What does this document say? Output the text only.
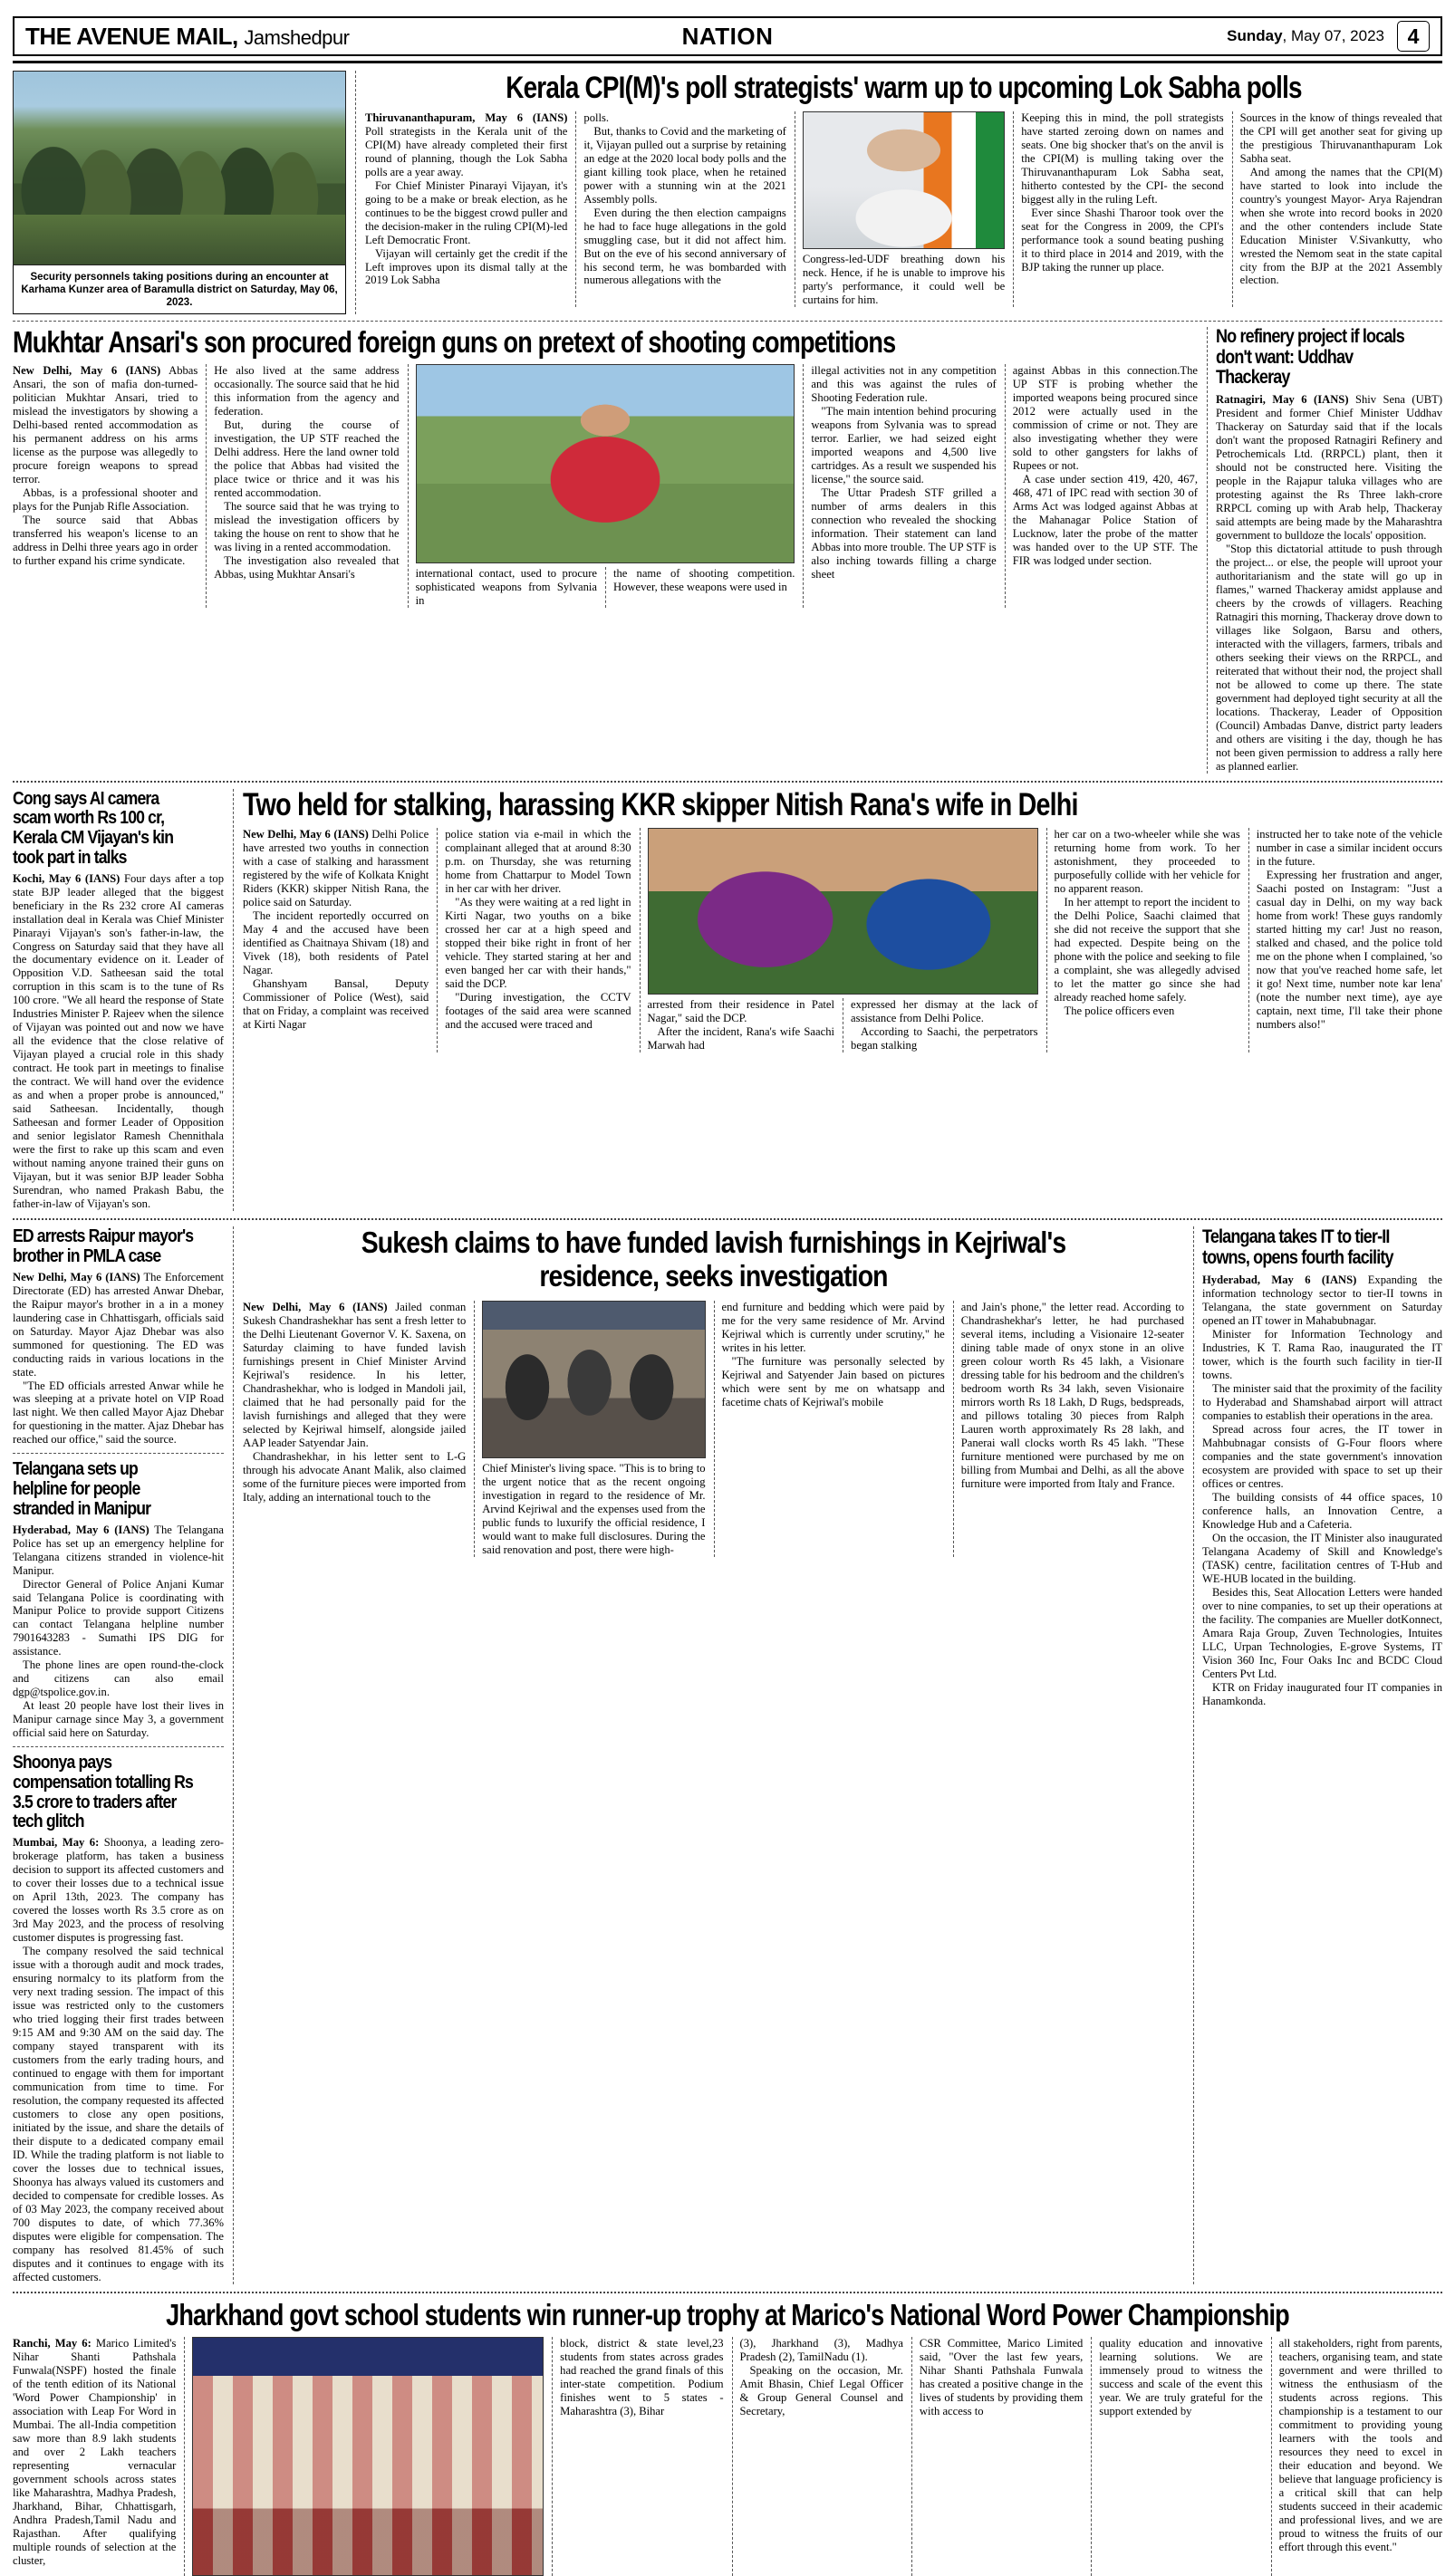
THE AVENUE MAIL, Jamshedpur	NATION	Sunday, May 07, 2023	4
Security personnels taking positions during an encounter at Karhama Kunzer area of Baramulla district on Saturday, May 06, 2023.
Kerala CPI(M)'s poll strategists' warm up to upcoming Lok Sabha polls

Thiruvananthapuram, May 6 (IANS) Poll strategists in the Kerala unit of the CPI(M) have already completed their first round of planning, though the Lok Sabha polls are a year away.

For Chief Minister Pinarayi Vijayan, it's going to be a make or break election, as he continues to be the biggest crowd puller and the decision-maker in the ruling CPI(M)-led Left Democratic Front.

Vijayan will certainly get the credit if the Left improves upon its dismal tally at the 2019 Lok Sabha

polls.

But, thanks to Covid and the marketing of it, Vijayan pulled out a surprise by retaining an edge at the 2020 local body polls and the giant killing took place, when he retained power with a stunning win at the 2021 Assembly polls.

Even during the then election campaigns he had to face huge allegations in the gold smuggling case, but it did not affect him. But on the eve of his second anniversary of his second term, he was bombarded with numerous allegations with the

Congress-led-UDF breathing down his neck. Hence, if he is unable to improve his party's performance, it could well be curtains for him.

Keeping this in mind, the poll strategists have started zeroing down on names and seats. One big shocker that's on the anvil is the CPI(M) is mulling taking over the Thiruvananthapuram Lok Sabha seat, hitherto contested by the CPI- the second biggest ally in the ruling Left.

Ever since Shashi Tharoor took over the seat for the Congress in 2009, the CPI's performance took a sound beating pushing it to third place in 2014 and 2019, with the BJP taking the runner up place.

Sources in the know of things revealed that the CPI will get another seat for giving up the prestigious Thiruvananthapuram Lok Sabha seat.

And among the names that the CPI(M) have started to look into include the country's youngest Mayor- Arya Rajendran when she wrote into record books in 2020 and the other contenders include State Education Minister V.Sivankutty, who wrested the Nemom seat in the state capital city from the BJP at the 2021 Assembly election.

Mukhtar Ansari's son procured foreign guns on pretext of shooting competitions

New Delhi, May 6 (IANS) Abbas Ansari, the son of mafia don-turned-politician Mukhtar Ansari, tried to mislead the investigators by showing a Delhi-based rented accommodation as his permanent address on his arms license as the purpose was allegedly to procure foreign weapons to spread terror.

Abbas, is a professional shooter and plays for the Punjab Rifle Association.

The source said that Abbas transferred his weapon's license to an address in Delhi three years ago in order to further expand his crime syndicate.

He also lived at the same address occasionally. The source said that he hid this information from the agency and federation.

But, during the course of investigation, the UP STF reached the Delhi address. Here the land owner told the police that Abbas had visited the place twice or thrice and it was his rented accommodation.

The source said that he was trying to mislead the investigation officers by taking the house on rent to show that he was living in a rented accommodation.

The investigation also revealed that Abbas, using Mukhtar Ansari's	international contact, used to procure sophisticated weapons from Sylvania in

the name of shooting competition. However, these weapons were used in

illegal activities not in any competition and this was against the rules of Shooting Federation rule.

"The main intention behind procuring weapons from Sylvania was to spread terror. Earlier, we had seized eight imported weapons and 4,500 live cartridges. As a result we suspended his license," the source said.

The Uttar Pradesh STF grilled a number of arms dealers in this connection who revealed the shocking information. Their statement can land Abbas into more trouble. The UP STF is also inching towards filling a charge sheet

against Abbas in this connection.The UP STF is probing whether the imported weapons being procured since 2012 were actually used in the commission of crime or not. They are also investigating whether they were sold to other gangsters for lakhs of Rupees or not.

A case under section 419, 420, 467, 468, 471 of IPC read with section 30 of Arms Act was lodged against Abbas at the Mahanagar Police Station of Lucknow, later the probe of the matter was handed over to the UP STF. The FIR was lodged under section.

No refinery project if locals don't want: Uddhav Thackeray

Ratnagiri, May 6 (IANS) Shiv Sena (UBT) President and former Chief Minister Uddhav Thackeray on Saturday said that if the locals don't want the proposed Ratnagiri Refinery and Petrochemicals Ltd. (RRPCL) plant, then it should not be constructed here. Visiting the people in the Rajapur taluka villages who are protesting against the Rs Three lakh-crore RRPCL coming up with Arab help, Thackeray said attempts are being made by the Maharashtra government to bulldoze the locals' opposition.

"Stop this dictatorial attitude to push through the project... or else, the people will uproot your authoritarianism and the state will go up in flames," warned Thackeray amidst applause and cheers by the crowds of villagers. Reaching Ratnagiri this morning, Thackeray drove down to villages like Solgaon, Barsu and others, interacted with the villagers, farmers, tribals and others seeking their views on the RRPCL, and reiterated that without their nod, the project shall not be allowed to come up there. The state government had deployed tight security at all the locations. Thackeray, Leader of Opposition (Council) Ambadas Danve, district party leaders and others are visiting i the day, though he has not been given permission to address a rally here as planned earlier.

Cong says AI camera scam worth Rs 100 cr, Kerala CM Vijayan's kin took part in talks

Kochi, May 6 (IANS) Four days after a top state BJP leader alleged that the biggest beneficiary in the Rs 232 crore AI cameras installation deal in Kerala was Chief Minister Pinarayi Vijayan's son's father-in-law, the Congress on Saturday said that they have all the documentary evidence on it. Leader of Opposition V.D. Satheesan said the total corruption in this scam is to the tune of Rs 100 crore. "We all heard the response of State Industries Minister P. Rajeev when the silence of Vijayan was pointed out and now we have all the evidence that the close relative of Vijayan played a crucial role in this shady contract. He took part in meetings to finalise the contract. We will hand over the evidence as and when a proper probe is announced," said Satheesan. Incidentally, though Satheesan and former Leader of Opposition and senior legislator Ramesh Chennithala were the first to rake up this scam and even without naming anyone trained their guns on Vijayan, but it was senior BJP leader Sobha Surendran, who named Prakash Babu, the father-in-law of Vijayan's son.

Two held for stalking, harassing KKR skipper Nitish Rana's wife in Delhi

New Delhi, May 6 (IANS) Delhi Police have arrested two youths in connection with a case of stalking and harassment registered by the wife of Kolkata Knight Riders (KKR) skipper Nitish Rana, the police said on Saturday.

The incident reportedly occurred on May 4 and the accused have been identified as Chaitnaya Shivam (18) and Vivek (18), both residents of Patel Nagar.

Ghanshyam Bansal, Deputy Commissioner of Police (West), said that on Friday, a complaint was received at Kirti Nagar

police station via e-mail in which the complainant alleged that at around 8:30 p.m. on Thursday, she was returning home from Chattarpur to Model Town in her car with her driver.

"As they were waiting at a red light in Kirti Nagar, two youths on a bike crossed her car at a high speed and stopped their bike right in front of her vehicle. They started staring at her and even banged her car with their hands," said the DCP.

"During investigation, the CCTV footages of the said area were scanned and the accused were traced and

arrested from their residence in Patel Nagar," said the DCP.

After the incident, Rana's wife Saachi Marwah had

expressed her dismay at the lack of assistance from Delhi Police.

According to Saachi, the perpetrators began stalking

her car on a two-wheeler while she was returning home from work. To her astonishment, they proceeded to purposefully collide with her vehicle for no apparent reason.

In her attempt to report the incident to the Delhi Police, Saachi claimed that she did not receive the support that she had expected. Despite being on the phone with the police and seeking to file a complaint, she was allegedly advised to let the matter go since she had already reached home safely.

The police officers even

instructed her to take note of the vehicle number in case a similar incident occurs in the future.

Expressing her frustration and anger, Saachi posted on Instagram: "Just a casual day in Delhi, on my way back home from work! These guys randomly started hitting my car! Just no reason, stalked and chased, and the police told me on the phone when I complained, 'so now that you've reached home safe, let it go! Next time, number note kar lena' (note the number next time), aye aye captain, next time, I'll take their phone numbers also!"

ED arrests Raipur mayor's brother in PMLA case

New Delhi, May 6 (IANS) The Enforcement Directorate (ED) has arrested Anwar Dhebar, the Raipur mayor's brother in a in a money laundering case in Chhattisgarh, officials said on Saturday. Mayor Ajaz Dhebar was also summoned for questioning. The ED was conducting raids in various locations in the state.

"The ED officials arrested Anwar while he was sleeping at a private hotel on VIP Road last night. We then called Mayor Ajaz Dhebar for questioning in the matter. Ajaz Dhebar has reached our office," said the source.

Telangana sets up helpline for people stranded in Manipur

Hyderabad, May 6 (IANS) The Telangana Police has set up an emergency helpline for Telangana citizens stranded in violence-hit Manipur.

Director General of Police Anjani Kumar said Telangana Police is coordinating with Manipur Police to provide support Citizens can contact Telangana helpline number 7901643283 - Sumathi IPS DIG for assistance.

The phone lines are open round-the-clock and citizens can also email dgp@tspolice.gov.in.

At least 20 people have lost their lives in Manipur carnage since May 3, a government official said here on Saturday.

Shoonya pays compensation totalling Rs 3.5 crore to traders after tech glitch

Mumbai, May 6: Shoonya, a leading zero-brokerage platform, has taken a business decision to support its affected customers and to cover their losses due to a technical issue on April 13th, 2023. The company has covered the losses worth Rs 3.5 crore as on 3rd May 2023, and the process of resolving customer disputes is progressing fast.

The company resolved the said technical issue with a thorough audit and mock trades, ensuring normalcy to its platform from the very next trading session. The impact of this issue was restricted only to the customers who tried logging their first trades between 9:15 AM and 9:30 AM on the said day. The company stayed transparent with its customers from the early trading hours, and continued to engage with them for important communication from time to time. For resolution, the company requested its affected customers to close any open positions, initiated by the issue, and share the details of their dispute to a dedicated company email ID. While the trading platform is not liable to cover the losses due to technical issues, Shoonya has always valued its customers and decided to compensate for credible losses. As of 03 May 2023, the company received about 700 disputes to date, of which 77.36% disputes were eligible for compensation. The company has resolved 81.45% of such disputes and it continues to engage with its affected customers.

Sukesh claims to have funded lavish furnishings in Kejriwal's residence, seeks investigation

New Delhi, May 6 (IANS) Jailed conman Sukesh Chandrashekhar has sent a fresh letter to the Delhi Lieutenant Governor V. K. Saxena, on Saturday claiming to have funded lavish furnishings present in Chief Minister Arvind Kejriwal's residence. In his letter, Chandrashekhar, who is lodged in Mandoli jail, claimed that he had personally paid for the lavish furnishings and alleged that they were selected by Kejriwal himself, alongside jailed AAP leader Satyendar Jain.

Chandrashekhar, in his letter sent to L-G through his advocate Anant Malik, also claimed some of the furniture pieces were imported from Italy, adding an international touch to the

Chief Minister's living space. "This is to bring to the urgent notice that as the recent ongoing investigation in regard to the residence of Mr. Arvind Kejriwal and the expenses used from the public funds to luxurify the official residence, I would want to make full disclosures. During the said renovation and post, there were high-

end furniture and bedding which were paid by me for the very same residence of Mr. Arvind Kejriwal which is currently under scrutiny," he writes in his letter.

"The furniture was personally selected by Kejriwal and Satyender Jain based on pictures which were sent by me on whatsapp and facetime chats of Kejriwal's mobile

and Jain's phone," the letter read. According to Chandrashekhar's letter, he had purchased several items, including a Visionaire 12-seater dining table made of onyx stone in an olive green colour worth Rs 45 lakh, a Visionare dressing table for his bedroom and the children's bedroom worth Rs 34 lakh, seven Visionaire mirrors worth Rs 18 Lakh, D Rugs, bedspreads, and pillows totaling 30 pieces from Ralph Lauren worth approximately Rs 28 lakh, and Panerai wall clocks worth Rs 45 lakh. "These furniture mentioned were purchased by me on billing from Mumbai and Delhi, as all the above furniture were imported from Italy and France.

Telangana takes IT to tier-II towns, opens fourth facility

Hyderabad, May 6 (IANS) Expanding the information technology sector to tier-II towns in Telangana, the state government on Saturday opened an IT tower in Mahabubnagar.

Minister for Information Technology and Industries, K T. Rama Rao, inaugurated the IT tower, which is the fourth such facility in tier-II towns.

The minister said that the proximity of the facility to Hyderabad and Shamshabad airport will attract companies to establish their operations in the area.

Spread across four acres, the IT tower in Mahbubnagar consists of G-Four floors where companies and the state government's innovation ecosystem are provided with space to set up their offices or centres.

The building consists of 44 office spaces, 10 conference halls, an Innovation Centre, a Knowledge Hub and a Cafeteria.

On the occasion, the IT Minister also inaugurated Telangana Academy of Skill and Knowledge's (TASK) centre, facilitation centres of T-Hub and WE-HUB located in the building.

Besides this, Seat Allocation Letters were handed over to nine companies, to set up their operations at the facility. The companies are Mueller dotKonnect, Amara Raja Group, Zuven Technologies, Intuites LLC, Urpan Technologies, E-grove Systems, IT Vision 360 Inc, Four Oaks Inc and BCDC Cloud Centers Pvt Ltd.

KTR on Friday inaugurated four IT companies in Hanamkonda.

Jharkhand govt school students win runner-up trophy at Marico's National Word Power Championship

Ranchi, May 6: Marico Limited's Nihar Shanti Pathshala Funwala(NSPF) hosted the finale of the tenth edition of its National 'Word Power Championship' in association with Leap For Word in Mumbai. The all-India competition saw more than 8.9 lakh students and over 2 Lakh teachers representing vernacular government schools across states like Maharashtra, Madhya Pradesh, Jharkhand, Bihar, Chhattisgarh, Andhra Pradesh,Tamil Nadu and Rajasthan. After qualifying multiple rounds of selection at the cluster,

block, district & state level,23 students from states across grades had reached the grand finals of this inter-state competition. Podium finishes went to 5 states - Maharashtra (3), Bihar

(3), Jharkhand (3), Madhya Pradesh (2), TamilNadu (1).

Speaking on the occasion, Mr. Amit Bhasin, Chief Legal Officer & Group General Counsel and Secretary,

CSR Committee, Marico Limited said, "Over the last few years, Nihar Shanti Pathshala Funwala has created a positive change in the lives of students by providing them with access to

quality education and innovative learning solutions. We are immensely proud to witness the success and scale of the event this year. We are truly grateful for the support extended by

all stakeholders, right from parents, teachers, organising team, and state government and were thrilled to witness the enthusiasm of the students across regions. This championship is a testament to our commitment to providing young learners with the tools and resources they need to excel in their education and beyond. We believe that language proficiency is a critical skill that can help students succeed in their academic and professional lives, and we are proud to witness the fruits of our effort through this event."
